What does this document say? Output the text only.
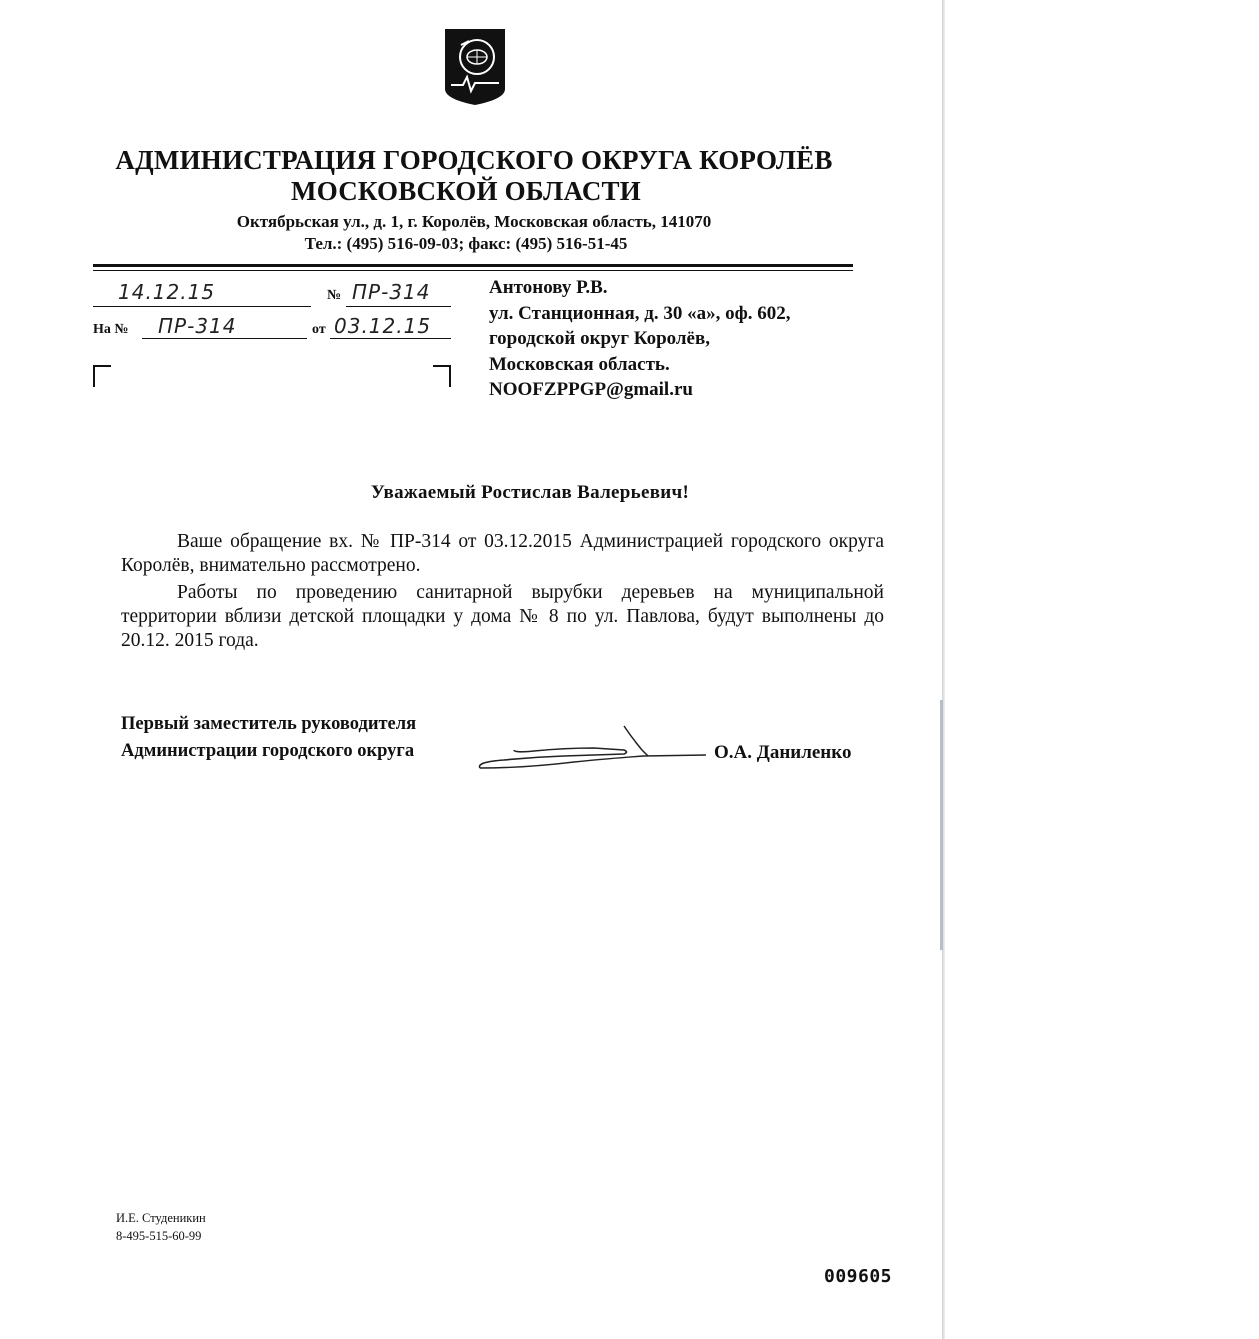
АДМИНИСТРАЦИЯ ГОРОДСКОГО ОКРУГА КОРОЛЁВ
МОСКОВСКОЙ ОБЛАСТИ
Октябрьская ул., д. 1, г. Королёв, Московская область, 141070
Тел.: (495) 516-09-03; факс: (495) 516-51-45
14.12.15	№ ПР-314
На № ПР-314	от 03.12.15
Антонову Р.В.
ул. Станционная, д. 30 «а», оф. 602,
городской округ Королёв,
Московская область.
NOOFZPPGP@gmail.ru
Уважаемый Ростислав Валерьевич!

Ваше обращение вх. № ПР-314 от 03.12.2015 Администрацией городского округа Королёв, внимательно рассмотрено.

Работы по проведению санитарной вырубки деревьев на муниципальной территории вблизи детской площадки у дома № 8 по ул. Павлова, будут выполнены до 20.12. 2015 года.

Первый заместитель руководителя
Администрации городского округа	О.А. Даниленко
И.Е. Студеникин
8-495-515-60-99
009605
